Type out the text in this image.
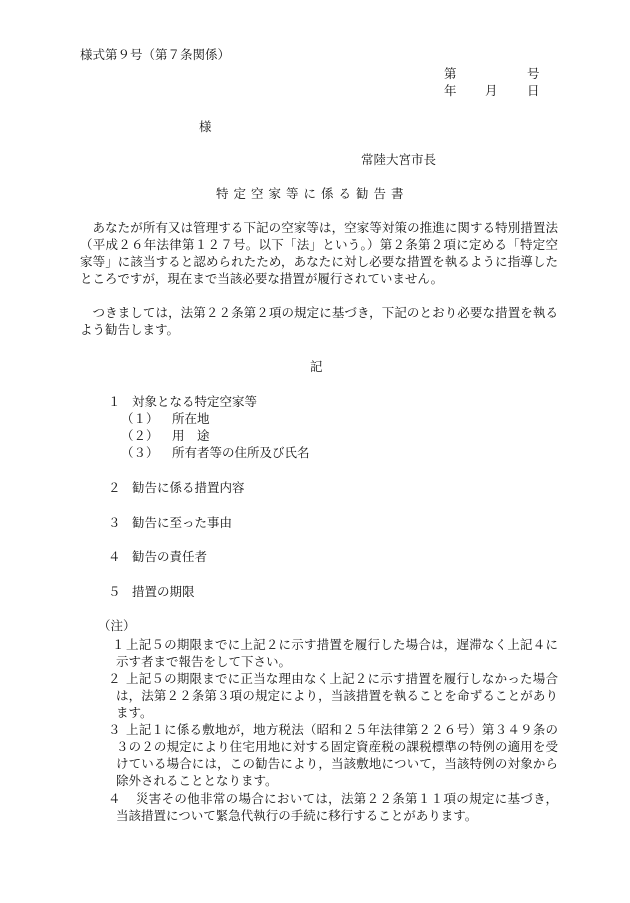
様式第９号（第７条関係）
第	号
年 月 日
様
常陸大宮市長
特定空家等に係る勧告書
あなたが所有又は管理する下記の空家等は，空家等対策の推進に関する特別措置法（平成２６年法律第１２７号。以下「法」という。）第２条第２項に定める「特定空家等」に該当すると認められたため，あなたに対し必要な措置を執るように指導したところですが，現在まで当該必要な措置が履行されていません。
つきましては，法第２２条第２項の規定に基づき，下記のとおり必要な措置を執るよう勧告します。
記
１ 対象となる特定空家等
（１） 所在地
（２） 用　途
（３） 所有者等の住所及び氏名
２ 勧告に係る措置内容
３ 勧告に至った事由
４ 勧告の責任者
５ 措置の期限
（注）
１ 上記５の期限までに上記２に示す措置を履行した場合は，遅滞なく上記４に示す者まで報告をして下さい。
２ 上記５の期限までに正当な理由なく上記２に示す措置を履行しなかった場合は，法第２２条第３項の規定により，当該措置を執ることを命ずることがあります。
３ 上記１に係る敷地が，地方税法（昭和２５年法律第２２６号）第３４９条の３の２の規定により住宅用地に対する固定資産税の課税標準の特例の適用を受けている場合には，この勧告により，当該敷地について，当該特例の対象から除外されることとなります。
４	災害その他非常の場合においては，法第２２条第１１項の規定に基づき，当該措置について緊急代執行の手続に移行することがあります。
